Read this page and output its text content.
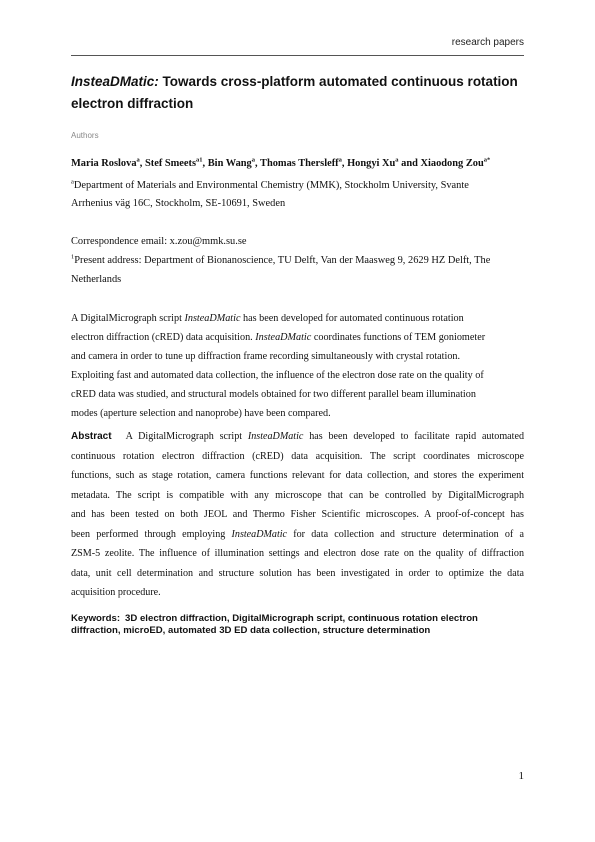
research papers
InsteaDMatic: Towards cross-platform automated continuous rotation electron diffraction
Authors
Maria Roslova$^a$, Stef Smeets$^{a1}$, Bin Wang$^a$, Thomas Thersleff$^a$, Hongyi Xu$^a$ and Xiaodong Zou$^{a*}$
$^a$Department of Materials and Environmental Chemistry (MMK), Stockholm University, Svante
Arrhenius väg 16C, Stockholm, SE-10691, Sweden
Correspondence email: x.zou@mmk.su.se
$^1$Present address: Department of Bionanoscience, TU Delft, Van der Maasweg 9, 2629 HZ Delft, The
Netherlands
A DigitalMicrograph script InsteaDMatic has been developed for automated continuous rotation
electron diffraction (cRED) data acquisition. InsteaDMatic coordinates functions of TEM goniometer
and camera in order to tune up diffraction frame recording simultaneously with crystal rotation.
Exploiting fast and automated data collection, the influence of the electron dose rate on the quality of
cRED data was studied, and structural models obtained for two different parallel beam illumination
modes (aperture selection and nanoprobe) have been compared.
Abstract A DigitalMicrograph script InsteaDMatic has been developed to facilitate rapid automated
continuous rotation electron diffraction (cRED) data acquisition. The script coordinates microscope
functions, such as stage rotation, camera functions relevant for data collection, and stores the experiment
metadata. The script is compatible with any microscope that can be controlled by DigitalMicrograph
and has been tested on both JEOL and Thermo Fisher Scientific microscopes. A proof-of-concept has
been performed through employing InsteaDMatic for data collection and structure determination of a
ZSM-5 zeolite. The influence of illumination settings and electron dose rate on the quality of diffraction
data, unit cell determination and structure solution has been investigated in order to optimize the data
acquisition procedure.
Keywords: 3D electron diffraction, DigitalMicrograph script, continuous rotation electron diffraction, microED, automated 3D ED data collection, structure determination
1
